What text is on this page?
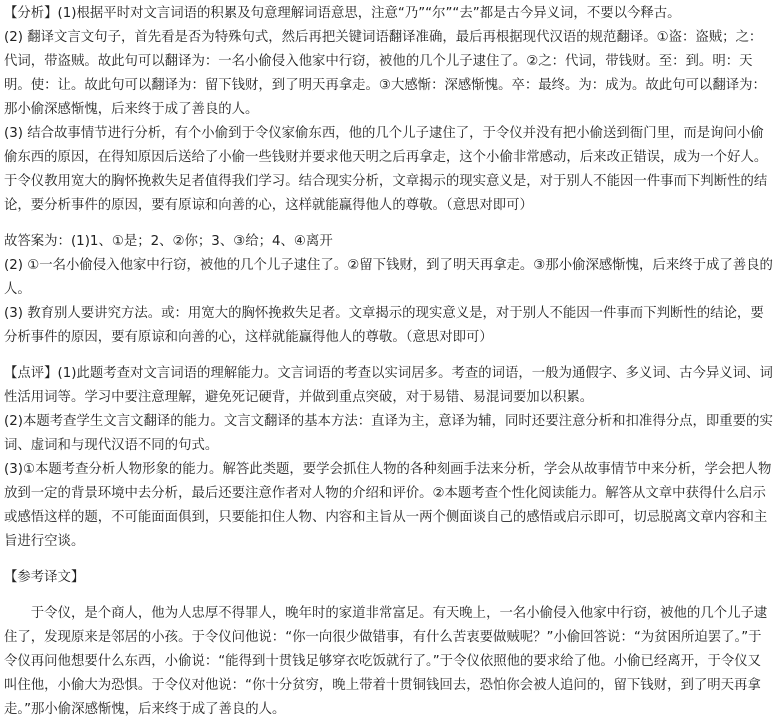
【分析】(1)根据平时对文言词语的积累及句意理解词语意思，注意“乃”“尔”“去”都是古今异义词，不要以今释古。

(2) 翻译文言文句子，首先看是否为特殊句式，然后再把关键词语翻译准确，最后再根据现代汉语的规范翻译。①盗：盗贼；之：代词，带盗贼。故此句可以翻译为：一名小偷侵入他家中行窃，被他的几个儿子逮住了。②之：代词，带钱财。至：到。明：天明。使：让。故此句可以翻译为：留下钱财，到了明天再拿走。③大感惭：深感惭愧。卒：最终。为：成为。故此句可以翻译为：那小偷深感惭愧，后来终于成了善良的人。

(3) 结合故事情节进行分析，有个小偷到于令仪家偷东西，他的几个儿子逮住了，于令仪并没有把小偷送到衙门里，而是询问小偷偷东西的原因，在得知原因后送给了小偷一些钱财并要求他天明之后再拿走，这个小偷非常感动，后来改正错误，成为一个好人。于令仪教用宽大的胸怀挽救失足者值得我们学习。结合现实分析，文章揭示的现实意义是，对于别人不能因一件事而下判断性的结论，要分析事件的原因，要有原谅和向善的心，这样就能赢得他人的尊敬。（意思对即可）

故答案为：(1)1、①是；2、②你；3、③给；4、④离开

(2) ①一名小偷侵入他家中行窃，被他的几个儿子逮住了。②留下钱财，到了明天再拿走。③那小偷深感惭愧，后来终于成了善良的人。

(3) 教育别人要讲究方法。或：用宽大的胸怀挽救失足者。文章揭示的现实意义是，对于别人不能因一件事而下判断性的结论，要分析事件的原因，要有原谅和向善的心，这样就能赢得他人的尊敬。（意思对即可）

【点评】(1)此题考查对文言词语的理解能力。文言词语的考查以实词居多。考查的词语，一般为通假字、多义词、古今异义词、词性活用词等。学习中要注意理解，避免死记硬背，并做到重点突破，对于易错、易混词要加以积累。

(2)本题考查学生文言文翻译的能力。文言文翻译的基本方法：直译为主，意译为辅，同时还要注意分析和扣准得分点，即重要的实词、虚词和与现代汉语不同的句式。

(3)①本题考查分析人物形象的能力。解答此类题，要学会抓住人物的各种刻画手法来分析，学会从故事情节中来分析，学会把人物放到一定的背景环境中去分析，最后还要注意作者对人物的介绍和评价。②本题考查个性化阅读能力。解答从文章中获得什么启示或感悟这样的题，不可能面面俱到，只要能扣住人物、内容和主旨从一两个侧面谈自己的感悟或启示即可，切忌脱离文章内容和主旨进行空谈。

【参考译文】

于令仪，是个商人，他为人忠厚不得罪人，晚年时的家道非常富足。有天晚上，一名小偷侵入他家中行窃，被他的几个儿子逮住了，发现原来是邻居的小孩。于令仪问他说：“你一向很少做错事，有什么苦衷要做贼呢？”小偷回答说：“为贫困所迫罢了。”于令仪再问他想要什么东西，小偷说：“能得到十贯钱足够穿衣吃饭就行了。”于令仪依照他的要求给了他。小偷已经离开，于令仪又叫住他，小偷大为恐惧。于令仪对他说：“你十分贫穷，晚上带着十贯铜钱回去，恐怕你会被人追问的，留下钱财，到了明天再拿走。”那小偷深感惭愧，后来终于成了善良的人。
